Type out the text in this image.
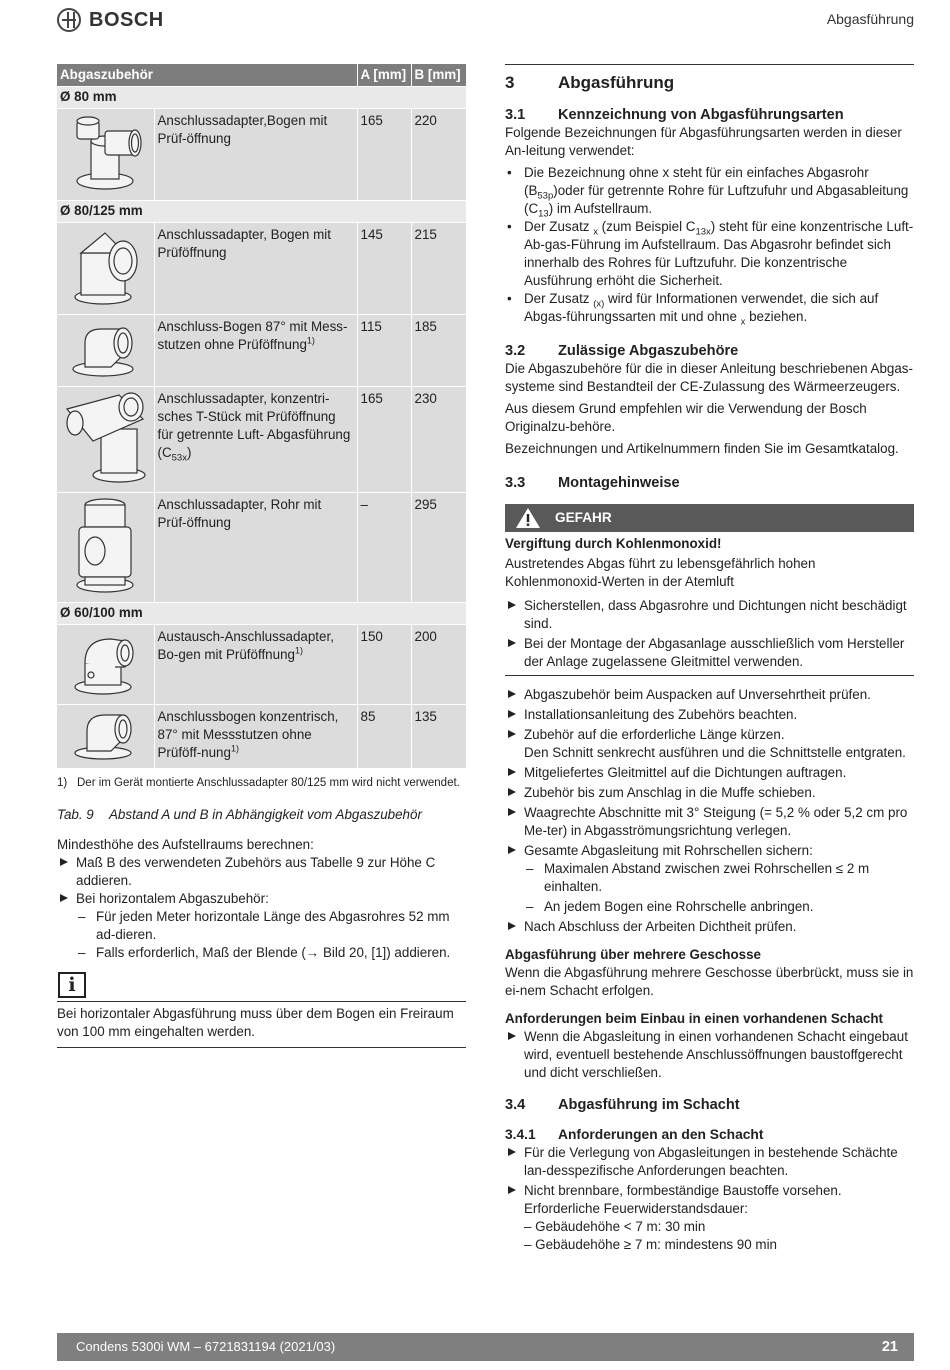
BOSCH	Abgasführung
Abgaszubehör		A [mm]	B [mm]
Ø 80 mm			
	Anschlussadapter,Bogen mit Prüf-öffnung	165	220
Ø 80/125 mm			
	Anschlussadapter, Bogen mit Prüföffnung	145	215
	Anschluss-Bogen 87° mit Mess-stutzen ohne Prüföffnung$^{1)}$	115	185
	Anschlussadapter, konzentri-sches T-Stück mit Prüföffnung für getrennte Luft- Abgasführung $(C_{53x})$	165	230
	Anschlussadapter, Rohr mit Prüf-öffnung	–	295
Ø 60/100 mm			
	Austausch-Anschlussadapter, Bo-gen mit Prüföffnung$^{1)}$	150	200
	Anschlussbogen konzentrisch, 87° mit Messstutzen ohne Prüföff-nung$^{1)}$	85	135
1) Der im Gerät montierte Anschlussadapter 80/125 mm wird nicht verwendet.
Tab. 9 Abstand A und B in Abhängigkeit vom Abgaszubehör
Mindesthöhe des Aufstellraums berechnen:
Maß B des verwendeten Zubehörs aus Tabelle 9 zur Höhe C addieren.
Bei horizontalem Abgaszubehör:
– Für jeden Meter horizontale Länge des Abgasrohres 52 mm ad-dieren.
– Falls erforderlich, Maß der Blende (→ Bild 20, [1]) addieren.
i
Bei horizontaler Abgasführung muss über dem Bogen ein Freiraum von 100 mm eingehalten werden.
3	Abgasführung
3.1	Kennzeichnung von Abgasführungsarten
Folgende Bezeichnungen für Abgasführungsarten werden in dieser An-leitung verwendet:
• Die Bezeichnung ohne x steht für ein einfaches Abgasrohr $(B_{53p})oder$ für getrennte Rohre für Luftzufuhr und Abgasableitung $(C_{13})$ im Aufstellraum.
• Der Zusatz $_x$ (zum Beispiel $C_{13x}$) steht für eine konzentrische Luft-Ab-gas-Führung im Aufstellraum. Das Abgasrohr befindet sich innerhalb des Rohres für Luftzufuhr. Die konzentrische Ausführung erhöht die Sicherheit.
• Der Zusatz $_{(x)}$ wird für Informationen verwendet, die sich auf Abgas-führungssarten mit und ohne $_x$ beziehen.
3.2	Zulässige Abgaszubehöre
Die Abgaszubehöre für die in dieser Anleitung beschriebenen Abgas-systeme sind Bestandteil der CE-Zulassung des Wärmeerzeugers.
Aus diesem Grund empfehlen wir die Verwendung der Bosch Originalzu-behöre.
Bezeichnungen und Artikelnummern finden Sie im Gesamtkatalog.
3.3	Montagehinweise
GEFAHR
Vergiftung durch Kohlenmonoxid!
Austretendes Abgas führt zu lebensgefährlich hohen Kohlenmonoxid-Werten in der Atemluft
Sicherstellen, dass Abgasrohre und Dichtungen nicht beschädigt sind.
Bei der Montage der Abgasanlage ausschließlich vom Hersteller der Anlage zugelassene Gleitmittel verwenden.
Abgaszubehör beim Auspacken auf Unversehrtheit prüfen.
Installationsanleitung des Zubehörs beachten.
Zubehör auf die erforderliche Länge kürzen.
Den Schnitt senkrecht ausführen und die Schnittstelle entgraten.
Mitgeliefertes Gleitmittel auf die Dichtungen auftragen.
Zubehör bis zum Anschlag in die Muffe schieben.
Waagrechte Abschnitte mit 3° Steigung (= 5,2 % oder 5,2 cm pro Me-ter) in Abgasströmungsrichtung verlegen.
Gesamte Abgasleitung mit Rohrschellen sichern:
– Maximalen Abstand zwischen zwei Rohrschellen ≤ 2 m einhalten.
– An jedem Bogen eine Rohrschelle anbringen.
Nach Abschluss der Arbeiten Dichtheit prüfen.
Abgasführung über mehrere Geschosse
Wenn die Abgasführung mehrere Geschosse überbrückt, muss sie in ei-nem Schacht erfolgen.
Anforderungen beim Einbau in einen vorhandenen Schacht
Wenn die Abgasleitung in einen vorhandenen Schacht eingebaut wird, eventuell bestehende Anschlussöffnungen baustoffgerecht und dicht verschließen.
3.4	Abgasführung im Schacht
3.4.1	Anforderungen an den Schacht
Für die Verlegung von Abgasleitungen in bestehende Schächte lan-desspezifische Anforderungen beachten.
Nicht brennbare, formbeständige Baustoffe vorsehen.
Erforderliche Feuerwiderstandsdauer:
– Gebäudehöhe < 7 m: 30 min
– Gebäudehöhe ≥ 7 m: mindestens 90 min
Condens 5300i WM – 6721831194 (2021/03)	21
